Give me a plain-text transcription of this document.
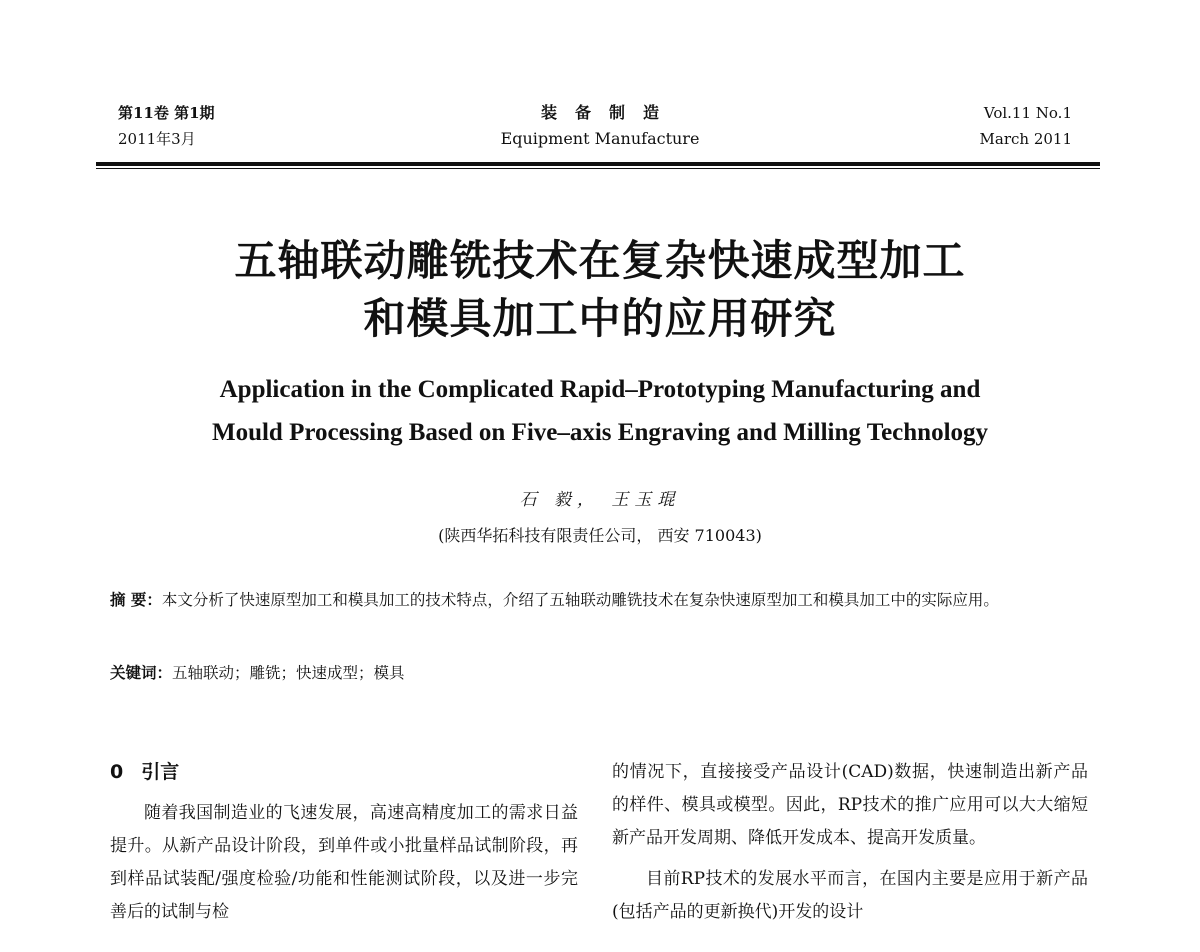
第11卷 第1期
2011年3月
装备制造
Equipment Manufacture
Vol.11 No.1
March 2011
五轴联动雕铣技术在复杂快速成型加工
和模具加工中的应用研究
Application in the Complicated Rapid–Prototyping Manufacturing and
Mould Processing Based on Five–axis Engraving and Milling Technology
石 毅， 王玉琨
(陕西华拓科技有限责任公司， 西安 710043)
摘 要：本文分析了快速原型加工和模具加工的技术特点，介绍了五轴联动雕铣技术在复杂快速原型加工和模具加工中的实际应用。
关键词：五轴联动；雕铣；快速成型；模具
0 引言

随着我国制造业的飞速发展，高速高精度加工的需求日益提升。从新产品设计阶段，到单件或小批量样品试制阶段，再到样品试装配/强度检验/功能和性能测试阶段，以及进一步完善后的试制与检

的情况下，直接接受产品设计(CAD)数据，快速制造出新产品的样件、模具或模型。因此，RP技术的推广应用可以大大缩短新产品开发周期、降低开发成本、提高开发质量。

目前RP技术的发展水平而言，在国内主要是应用于新产品(包括产品的更新换代)开发的设计
